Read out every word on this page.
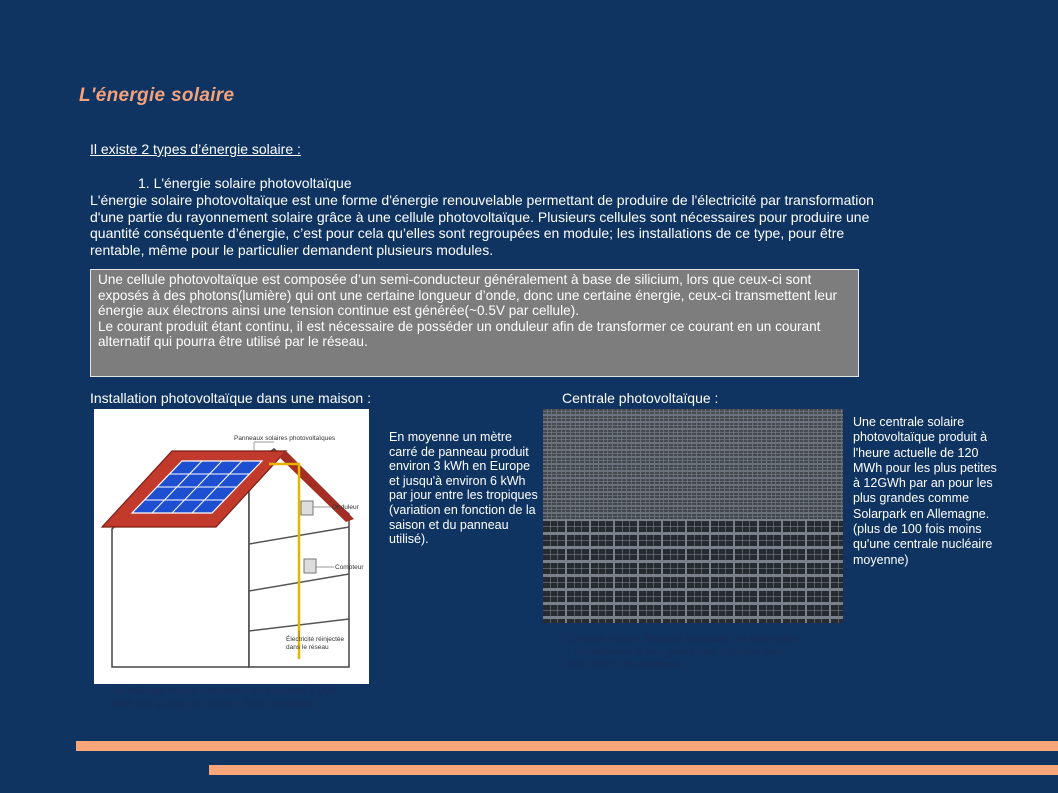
L'énergie solaire
Il existe 2 types d’énergie solaire :
1. L'énergie solaire photovoltaïque
L'énergie solaire photovoltaïque est une forme d'énergie renouvelable permettant de produire de l'électricité par transformation d'une partie du rayonnement solaire grâce à une cellule photovoltaïque. Plusieurs cellules sont nécessaires pour produire une quantité conséquente d’énergie, c’est pour cela qu’elles sont regroupées en module; les installations de ce type, pour être rentable, même pour le particulier demandent plusieurs modules.

Une cellule photovoltaïque est composée d’un semi-conducteur généralement à base de silicium, lors que ceux-ci sont exposés à des photons(lumière) qui ont une certaine longueur d’onde, donc une certaine énergie, ceux-ci transmettent leur énergie aux électrons ainsi une tension continue est générée(~0.5V par cellule).

Le courant produit étant continu, il est nécessaire de posséder un onduleur afin de transformer ce courant en un courant alternatif qui pourra être utilisé par le réseau.

Installation photovoltaïque dans une maison :	Centrale photovoltaïque :
Panneaux solaires photovoltaïques
Onduleur
Compteur
Électricité réinjectée
dans le réseau
Un ménage moyen consomme en moyenne 3 000 kWh tout au long de l’année. (hors chauffage)
En moyenne un mètre carré de panneau produit environ 3 kWh en Europe et jusqu'à environ 6 kWh par jour entre les tropiques (variation en fonction de la saison et du panneau utilisé).
Centrale solaire "Bavaria Solarpark" en Allemagne : actuellement le plus grand parc d’Europe avec 250 000m² de panneaux.
Une centrale solaire photovoltaïque produit à l'heure actuelle de 120 MWh pour les plus petites à 12GWh par an pour les plus grandes comme Solarpark en Allemagne.
(plus de 100 fois moins qu'une centrale nucléaire moyenne)
